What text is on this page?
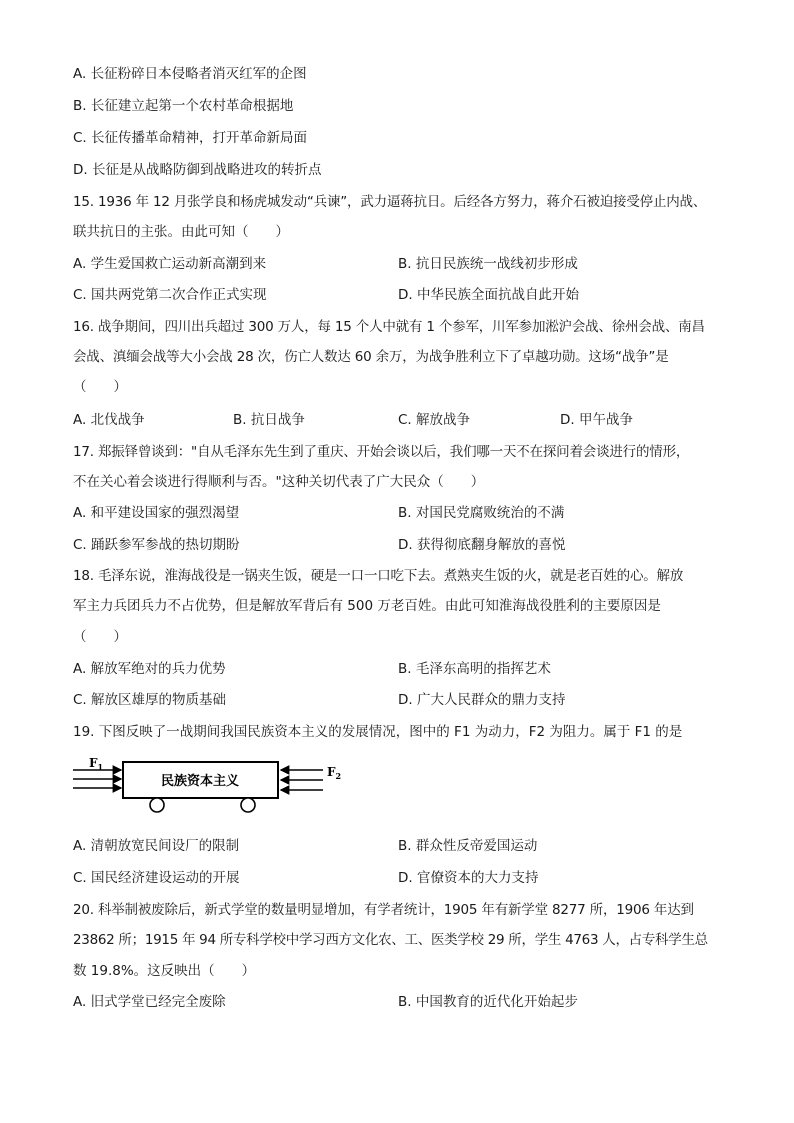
A. 长征粉碎日本侵略者消灭红军的企图
B. 长征建立起第一个农村革命根据地
C. 长征传播革命精神，打开革命新局面
D. 长征是从战略防御到战略进攻的转折点
15. 1936 年 12 月张学良和杨虎城发动“兵谏”，武力逼蒋抗日。后经各方努力，蒋介石被迫接受停止内战、
联共抗日的主张。由此可知（　　）
A. 学生爱国救亡运动新高潮到来	B. 抗日民族统一战线初步形成
C. 国共两党第二次合作正式实现	D. 中华民族全面抗战自此开始
16. 战争期间，四川出兵超过 300 万人，每 15 个人中就有 1 个参军，川军参加淞沪会战、徐州会战、南昌
会战、滇缅会战等大小会战 28 次，伤亡人数达 60 余万，为战争胜利立下了卓越功勋。这场“战争”是
（　　）
A. 北伐战争	B. 抗日战争	C. 解放战争	D. 甲午战争
17. 郑振铎曾谈到："自从毛泽东先生到了重庆、开始会谈以后，我们哪一天不在探问着会谈进行的情形，
不在关心着会谈进行得顺利与否。"这种关切代表了广大民众（　　）
A. 和平建设国家的强烈渴望	B. 对国民党腐败统治的不满
C. 踊跃参军参战的热切期盼	D. 获得彻底翻身解放的喜悦
18. 毛泽东说，淮海战役是一锅夹生饭，硬是一口一口吃下去。煮熟夹生饭的火，就是老百姓的心。解放
军主力兵团兵力不占优势，但是解放军背后有 500 万老百姓。由此可知淮海战役胜利的主要原因是
（　　）
A. 解放军绝对的兵力优势	B. 毛泽东高明的指挥艺术
C. 解放区雄厚的物质基础	D. 广大人民群众的鼎力支持
19. 下图反映了一战期间我国民族资本主义的发展情况，图中的 F1 为动力，F2 为阻力。属于 F1 的是
$F_1$
民族资本主义
$F_2$
A. 清朝放宽民间设厂的限制	B. 群众性反帝爱国运动
C. 国民经济建设运动的开展	D. 官僚资本的大力支持
20. 科举制被废除后，新式学堂的数量明显增加，有学者统计，1905 年有新学堂 8277 所，1906 年达到
23862 所；1915 年 94 所专科学校中学习西方文化农、工、医类学校 29 所，学生 4763 人，占专科学生总
数 19.8%。这反映出（　　）
A. 旧式学堂已经完全废除	B. 中国教育的近代化开始起步
